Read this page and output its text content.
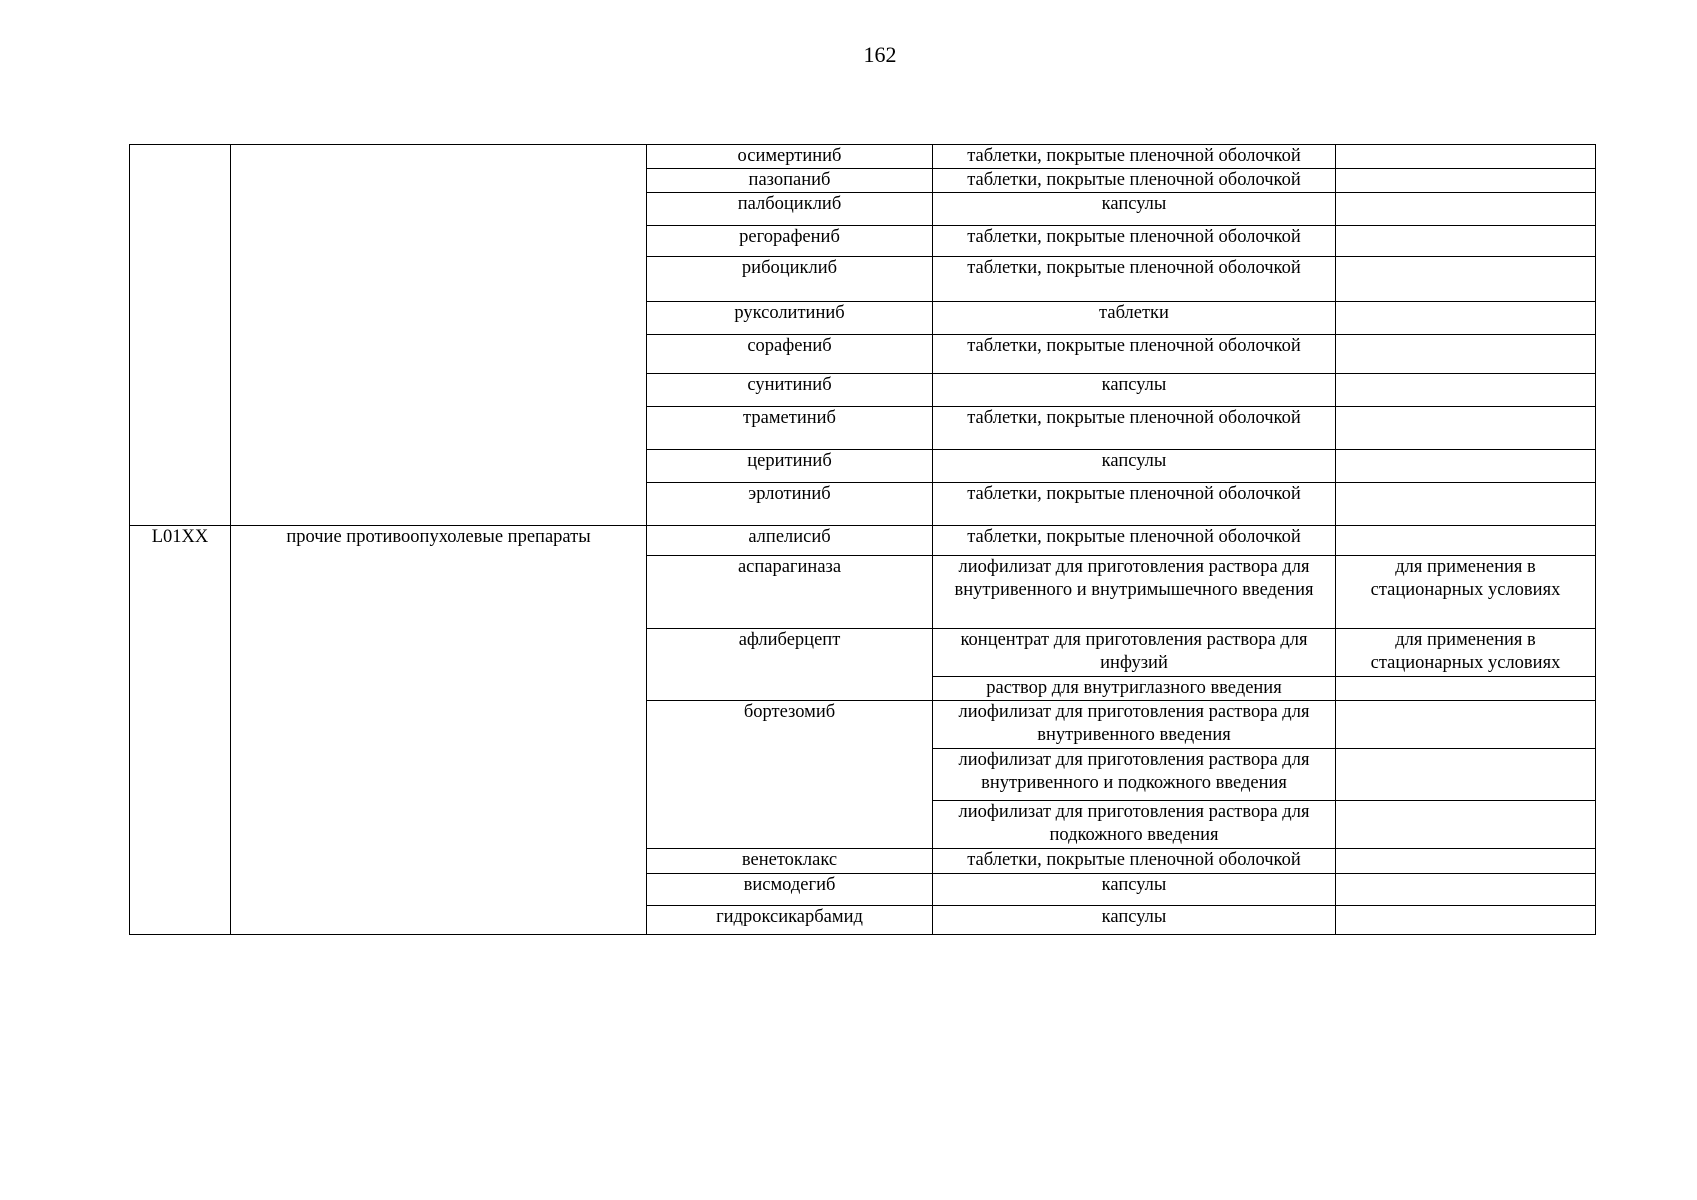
162
		осимертиниб	таблетки, покрытые пленочной оболочкой	
		пазопаниб	таблетки, покрытые пленочной оболочкой	
		палбоциклиб	капсулы	
		регорафениб	таблетки, покрытые пленочной оболочкой	
		рибоциклиб	таблетки, покрытые пленочной оболочкой	
		руксолитиниб	таблетки	
		сорафениб	таблетки, покрытые пленочной оболочкой	
		сунитиниб	капсулы	
		траметиниб	таблетки, покрытые пленочной оболочкой	
		церитиниб	капсулы	
		эрлотиниб	таблетки, покрытые пленочной оболочкой	
L01XX	прочие противоопухолевые препараты	алпелисиб	таблетки, покрытые пленочной оболочкой	
		аспарагиназа	лиофилизат для приготовления раствора для внутривенного и внутримышечного введения	для применения в стационарных условиях
		афлиберцепт	концентрат для приготовления раствора для инфузий	для применения в стационарных условиях
			раствор для внутриглазного введения	
		бортезомиб	лиофилизат для приготовления раствора для внутривенного введения	
			лиофилизат для приготовления раствора для внутривенного и подкожного введения	
			лиофилизат для приготовления раствора для подкожного введения	
		венетоклакс	таблетки, покрытые пленочной оболочкой	
		висмодегиб	капсулы	
		гидроксикарбамид	капсулы	
